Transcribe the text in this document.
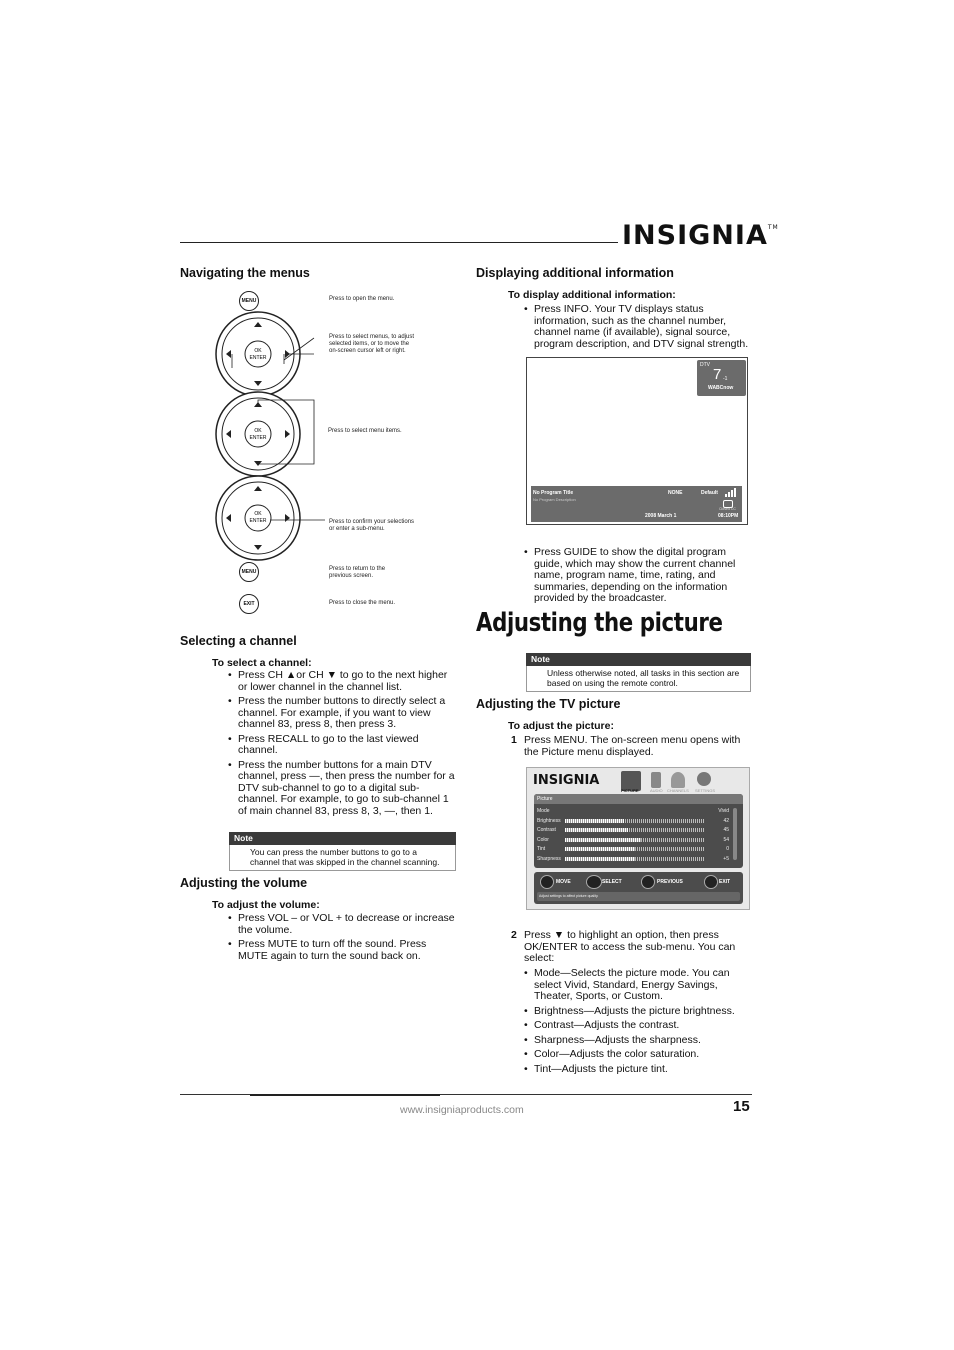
INSIGNIA™
Navigating the menus
MENU	Press to open the menu.
OK
ENTER
OK
ENTER
OK
ENTER
Press to select menus, to adjust selected items, or to move the on-screen cursor left or right.
Press to select menu items.
Press to confirm your selections or enter a sub-menu.
MENU	Press to return to the previous screen.
EXIT	Press to close the menu.
Selecting a channel
To select a channel:
• Press CH ▲or CH ▼ to go to the next higher or lower channel in the channel list.
• Press the number buttons to directly select a channel. For example, if you want to view channel 83, press 8, then press 3.
• Press RECALL to go to the last viewed channel.
• Press the number buttons for a main DTV channel, press —, then press the number for a DTV sub-channel to go to a digital sub-channel. For example, to go to sub-channel 1 of main channel 83, press 8, 3, —, then 1.
Note
You can press the number buttons to go to a channel that was skipped in the channel scanning.
Adjusting the volume
To adjust the volume:
• Press VOL – or VOL + to decrease or increase the volume.
• Press MUTE to turn off the sound. Press MUTE again to turn the sound back on.
Displaying additional information
To display additional information:
• Press INFO. Your TV displays status information, such as the channel number, channel name (if available), signal source, program description, and DTV signal strength.
DTV
7 -1
WABCnow
No Program Title
No Program Description
NONE	Default
Closed CC
2008 March 1	08:10PM
• Press GUIDE to show the digital program guide, which may show the current channel name, program name, time, rating, and summaries, depending on the information provided by the broadcaster.
Adjusting the picture
Note
Unless otherwise noted, all tasks in this section are based on using the remote control.
Adjusting the TV picture
To adjust the picture:
1 Press MENU. The on-screen menu opens with the Picture menu displayed.
INSIGNIA
PICTURE	AUDIO CHANNELS SETTINGS
Picture
Mode	Vivid
Brightness	42
Contrast	45
Color	54
Tint	0
Sharpness	+5
MOVE	SELECT	PREVIOUS	EXIT
Adjust settings to affect picture quality.
2 Press ▼ to highlight an option, then press OK/ENTER to access the sub-menu. You can select:
• Mode—Selects the picture mode. You can select Vivid, Standard, Energy Savings, Theater, Sports, or Custom.
• Brightness—Adjusts the picture brightness.
• Contrast—Adjusts the contrast.
• Sharpness—Adjusts the sharpness.
• Color—Adjusts the color saturation.
• Tint—Adjusts the picture tint.
www.insigniaproducts.com	15
